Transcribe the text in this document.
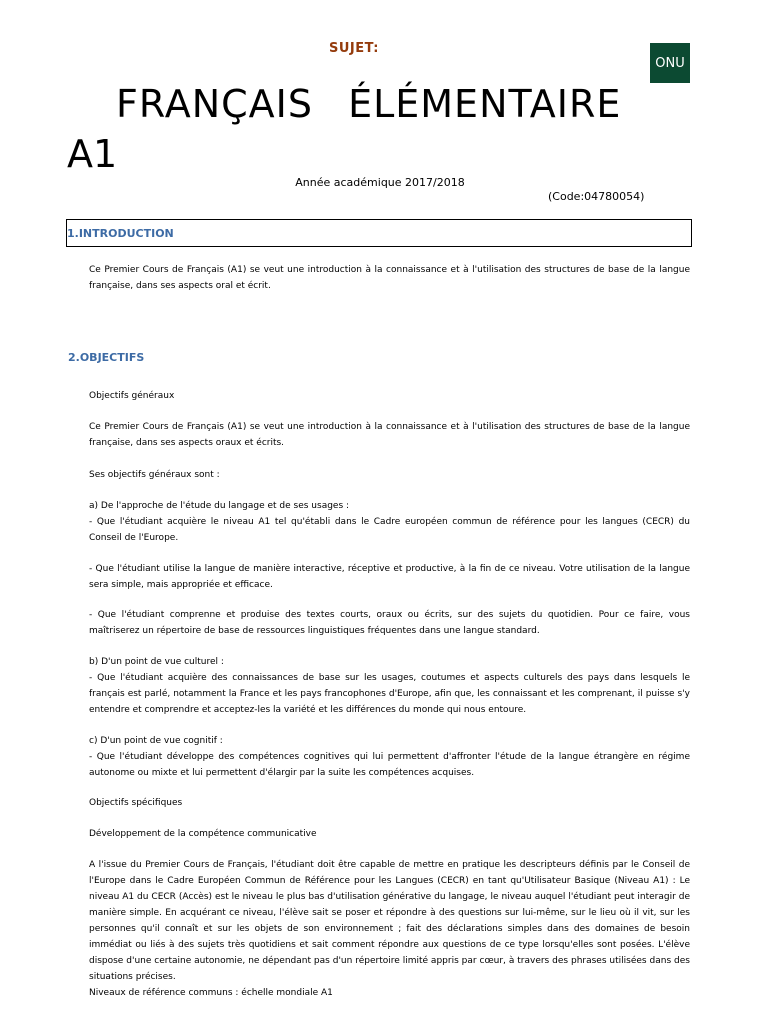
SUJET:
ONU
FRANÇAIS ÉLÉMENTAIRE
A1
Année académique 2017/2018
(Code:04780054)
1.INTRODUCTION
Ce Premier Cours de Français (A1) se veut une introduction à la connaissance et à l'utilisation des structures de base de la langue française, dans ses aspects oral et écrit.
2.OBJECTIFS
Objectifs généraux
Ce Premier Cours de Français (A1) se veut une introduction à la connaissance et à l'utilisation des structures de base de la langue française, dans ses aspects oraux et écrits.
Ses objectifs généraux sont :
a) De l'approche de l'étude du langage et de ses usages :
- Que l'étudiant acquière le niveau A1 tel qu'établi dans le Cadre européen commun de référence pour les langues (CECR) du Conseil de l'Europe.
- Que l'étudiant utilise la langue de manière interactive, réceptive et productive, à la fin de ce niveau. Votre utilisation de la langue sera simple, mais appropriée et efficace.
- Que l'étudiant comprenne et produise des textes courts, oraux ou écrits, sur des sujets du quotidien. Pour ce faire, vous maîtriserez un répertoire de base de ressources linguistiques fréquentes dans une langue standard.
b) D'un point de vue culturel :
- Que l'étudiant acquière des connaissances de base sur les usages, coutumes et aspects culturels des pays dans lesquels le français est parlé, notamment la France et les pays francophones d'Europe, afin que, les connaissant et les comprenant, il puisse s'y entendre et comprendre et acceptez-les la variété et les différences du monde qui nous entoure.
c) D'un point de vue cognitif :
- Que l'étudiant développe des compétences cognitives qui lui permettent d'affronter l'étude de la langue étrangère en régime autonome ou mixte et lui permettent d'élargir par la suite les compétences acquises.
Objectifs spécifiques
Développement de la compétence communicative
A l'issue du Premier Cours de Français, l'étudiant doit être capable de mettre en pratique les descripteurs définis par le Conseil de l'Europe dans le Cadre Européen Commun de Référence pour les Langues (CECR) en tant qu'Utilisateur Basique (Niveau A1) : Le niveau A1 du CECR (Accès) est le niveau le plus bas d'utilisation générative du langage, le niveau auquel l'étudiant peut interagir de manière simple. En acquérant ce niveau, l'élève sait se poser et répondre à des questions sur lui-même, sur le lieu où il vit, sur les personnes qu'il connaît et sur les objets de son environnement ; fait des déclarations simples dans des domaines de besoin immédiat ou liés à des sujets très quotidiens et sait comment répondre aux questions de ce type lorsqu'elles sont posées. L'élève dispose d'une certaine autonomie, ne dépendant pas d'un répertoire limité appris par cœur, à travers des phrases utilisées dans des situations précises.
Niveaux de référence communs : échelle mondiale A1
